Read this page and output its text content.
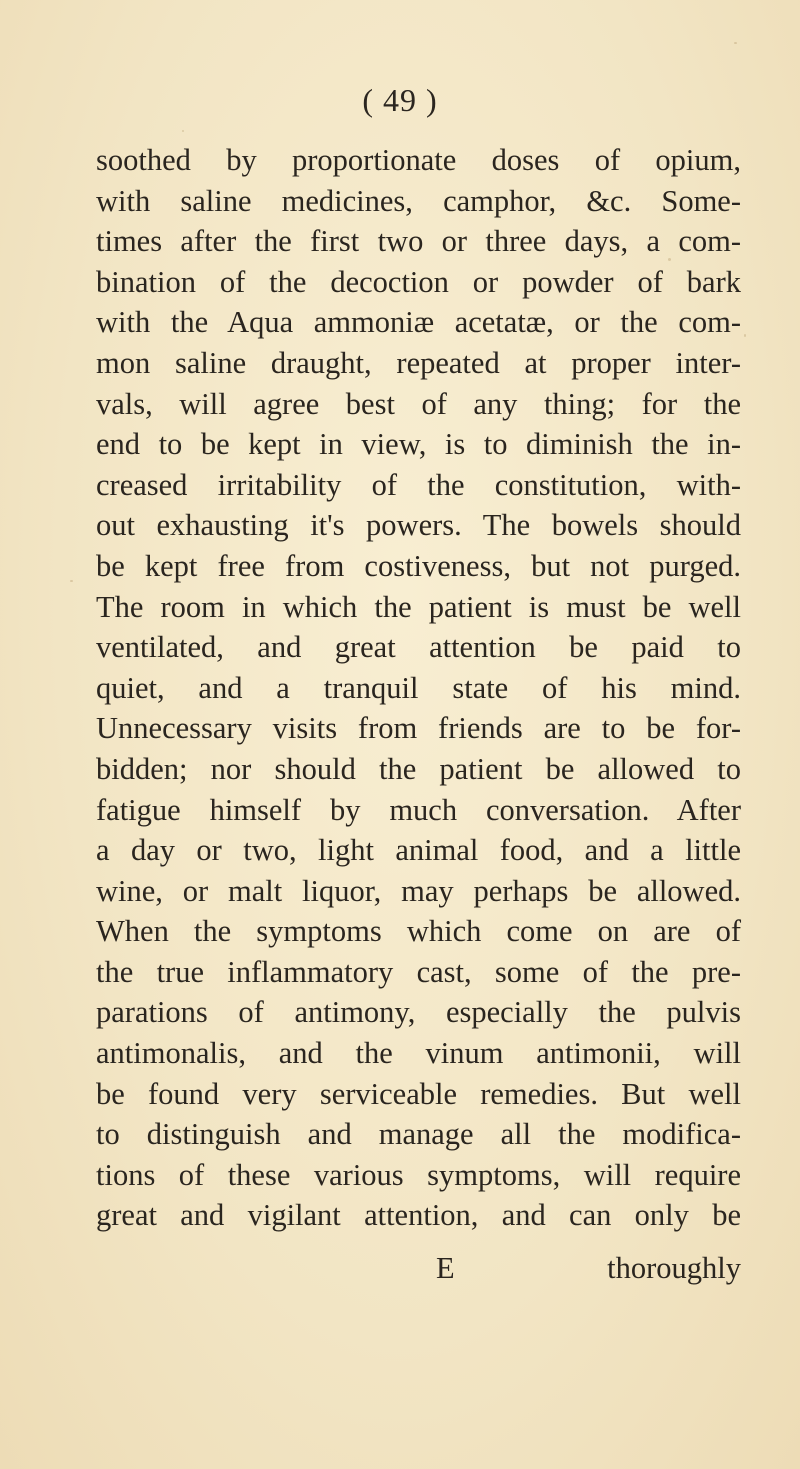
( 49 )
soothed by proportionate doses of opium,
with saline medicines, camphor, &c. Some-
times after the first two or three days, a com-
bination of the decoction or powder of bark
with the Aqua ammoniæ acetatæ, or the com-
mon saline draught, repeated at proper inter-
vals, will agree best of any thing; for the
end to be kept in view, is to diminish the in-
creased irritability of the constitution, with-
out exhausting it's powers. The bowels should
be kept free from costiveness, but not purged.
The room in which the patient is must be well
ventilated, and great attention be paid to
quiet, and a tranquil state of his mind.
Unnecessary visits from friends are to be for-
bidden; nor should the patient be allowed to
fatigue himself by much conversation. After
a day or two, light animal food, and a little
wine, or malt liquor, may perhaps be allowed.
When the symptoms which come on are of
the true inflammatory cast, some of the pre-
parations of antimony, especially the pulvis
antimonalis, and the vinum antimonii, will
be found very serviceable remedies. But well
to distinguish and manage all the modifica-
tions of these various symptoms, will require
great and vigilant attention, and can only be
E	thoroughly
